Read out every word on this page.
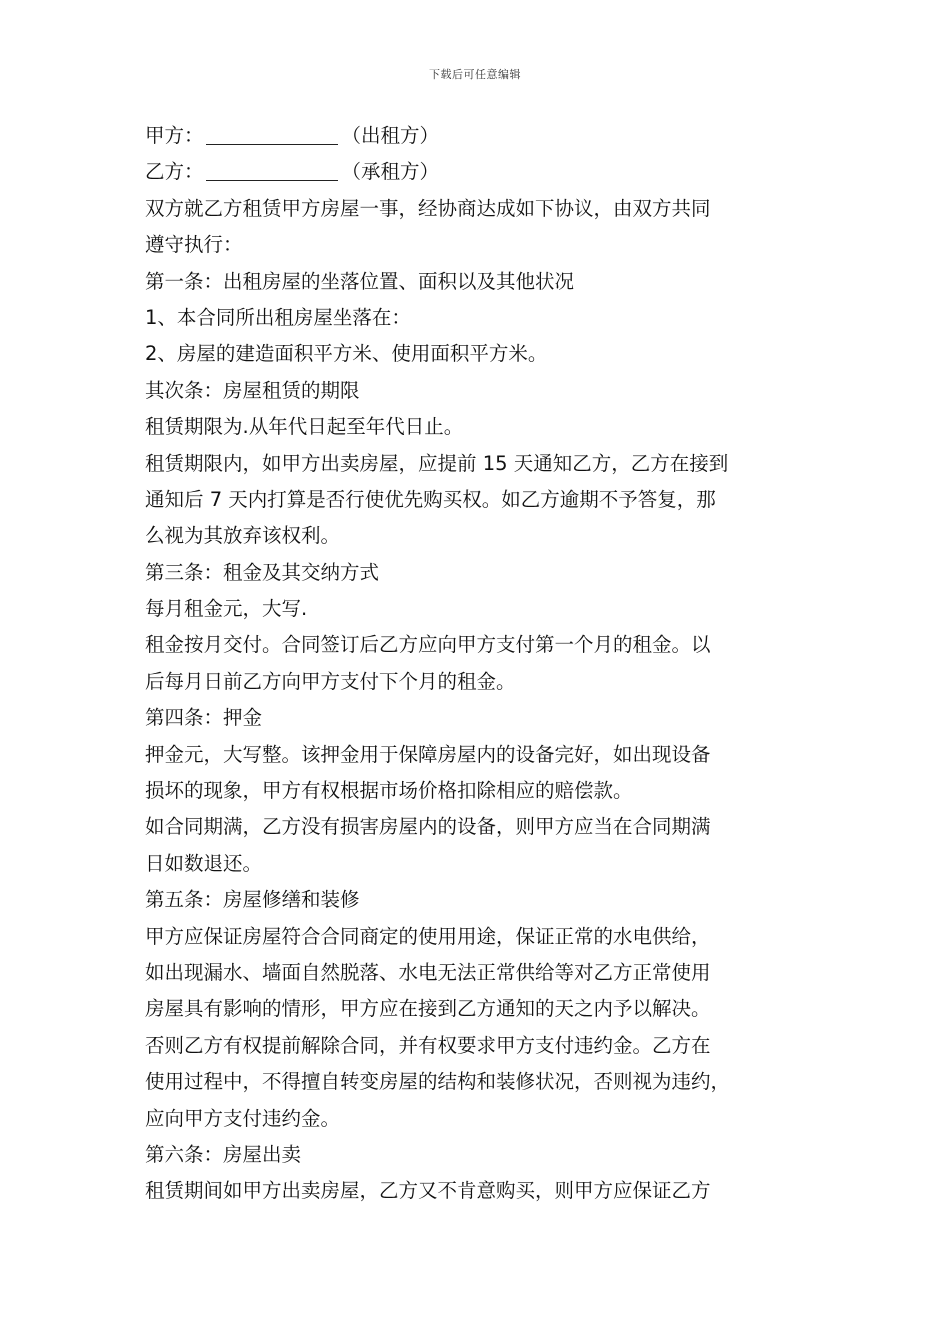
下载后可任意编辑

甲方：	（出租方）

乙方：	（承租方）

双方就乙方租赁甲方房屋一事，经协商达成如下协议，由双方共同

遵守执行：

第一条：出租房屋的坐落位置、面积以及其他状况

1、本合同所出租房屋坐落在：

2、房屋的建造面积平方米、使用面积平方米。

其次条：房屋租赁的期限

租赁期限为.从年代日起至年代日止。

租赁期限内，如甲方出卖房屋，应提前 15 天通知乙方，乙方在接到

通知后 7 天内打算是否行使优先购买权。如乙方逾期不予答复，那

么视为其放弃该权利。

第三条：租金及其交纳方式

每月租金元，大写.

租金按月交付。合同签订后乙方应向甲方支付第一个月的租金。以

后每月日前乙方向甲方支付下个月的租金。

第四条：押金

押金元，大写整。该押金用于保障房屋内的设备完好，如出现设备

损坏的现象，甲方有权根据市场价格扣除相应的赔偿款。

如合同期满，乙方没有损害房屋内的设备，则甲方应当在合同期满

日如数退还。

第五条：房屋修缮和装修

甲方应保证房屋符合合同商定的使用用途，保证正常的水电供给，

如出现漏水、墙面自然脱落、水电无法正常供给等对乙方正常使用

房屋具有影响的情形，甲方应在接到乙方通知的天之内予以解决。

否则乙方有权提前解除合同，并有权要求甲方支付违约金。乙方在

使用过程中，不得擅自转变房屋的结构和装修状况，否则视为违约，

应向甲方支付违约金。

第六条：房屋出卖

租赁期间如甲方出卖房屋，乙方又不肯意购买，则甲方应保证乙方
